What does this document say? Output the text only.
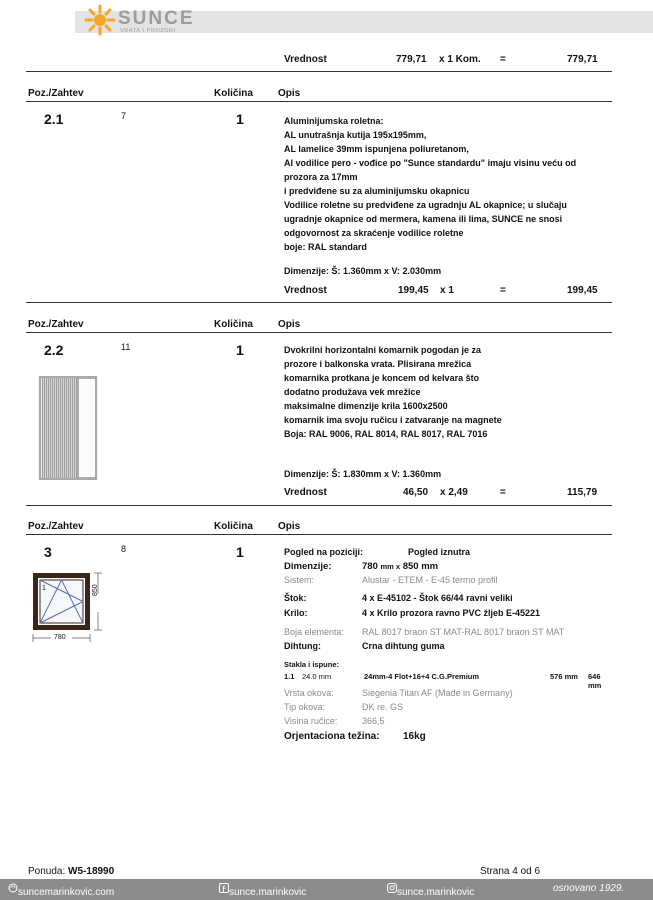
SUNCE
VRATA I PROZORI
Vrednost	779,71 x 1 Kom. =	779,71
Poz./Zahtev	Količina	Opis
2.1	7	1	Aluminijumska roletna:
AL unutrašnja kutija 195x195mm,
AL lamelice 39mm ispunjena poliuretanom,
Al vodilice pero - vođice po "Sunce standardu" imaju visinu veću od
prozora za 17mm
i predviđene su za aluminijumsku okapnicu
Vodilice roletne su predviđene za ugradnju AL okapnice; u slučaju
ugradnje okapnice od mermera, kamena ili lima, SUNCE ne snosi
odgovornost za skraćenje vodilice roletne
boje: RAL standard
Dimenzije: Š: 1.360mm x V: 2.030mm
Vrednost	199,45 x 1	=	199,45
Poz./Zahtev	Količina	Opis
2.2	11	1	Dvokrilni horizontalni komarnik pogodan je za
prozore i balkonska vrata. Plisirana mrežica
komarnika protkana je koncem od kelvara što
dodatno produžava vek mrežice
maksimalne dimenzije krila 1600x2500
komarnik ima svoju ručicu i zatvaranje na magnete
Boja: RAL 9006, RAL 8014, RAL 8017, RAL 7016
Dimenzije: Š: 1.830mm x V: 1.360mm
Vrednost	46,50 x 2,49	=	115,79
Poz./Zahtev	Količina	Opis
3	8	1
1	850
780
Pogled na poziciji:	Pogled iznutra
Dimenzije:	780 mm x 850 mm
Sistem:	Alustar - ETEM - E-45 termo profil
Štok:	4 x E-45102 - Štok 66/44 ravni veliki
Krilo:	4 x Krilo prozora ravno PVC žljeb E-45221
Boja elementa: RAL 8017 braon ST MAT-RAL 8017 braon ST MAT
Dihtung:	Crna dihtung guma
Stakla i ispune:
1.1 24.0 mm	24mm-4 Flot+16+4 C.G.Premium	576 mm 646 mm
Vrsta okova:	Siegenia Titan AF (Made in Germany)
Tip okova:	DK re. GS
Visina ručice:	366,5
Orjentaciona težina: 16kg
Ponuda: W5-18990	Strana 4 od 6
suncemarinkovic.com	sunce.marinkovic	sunce.marinkovic	osnovano 1929.
